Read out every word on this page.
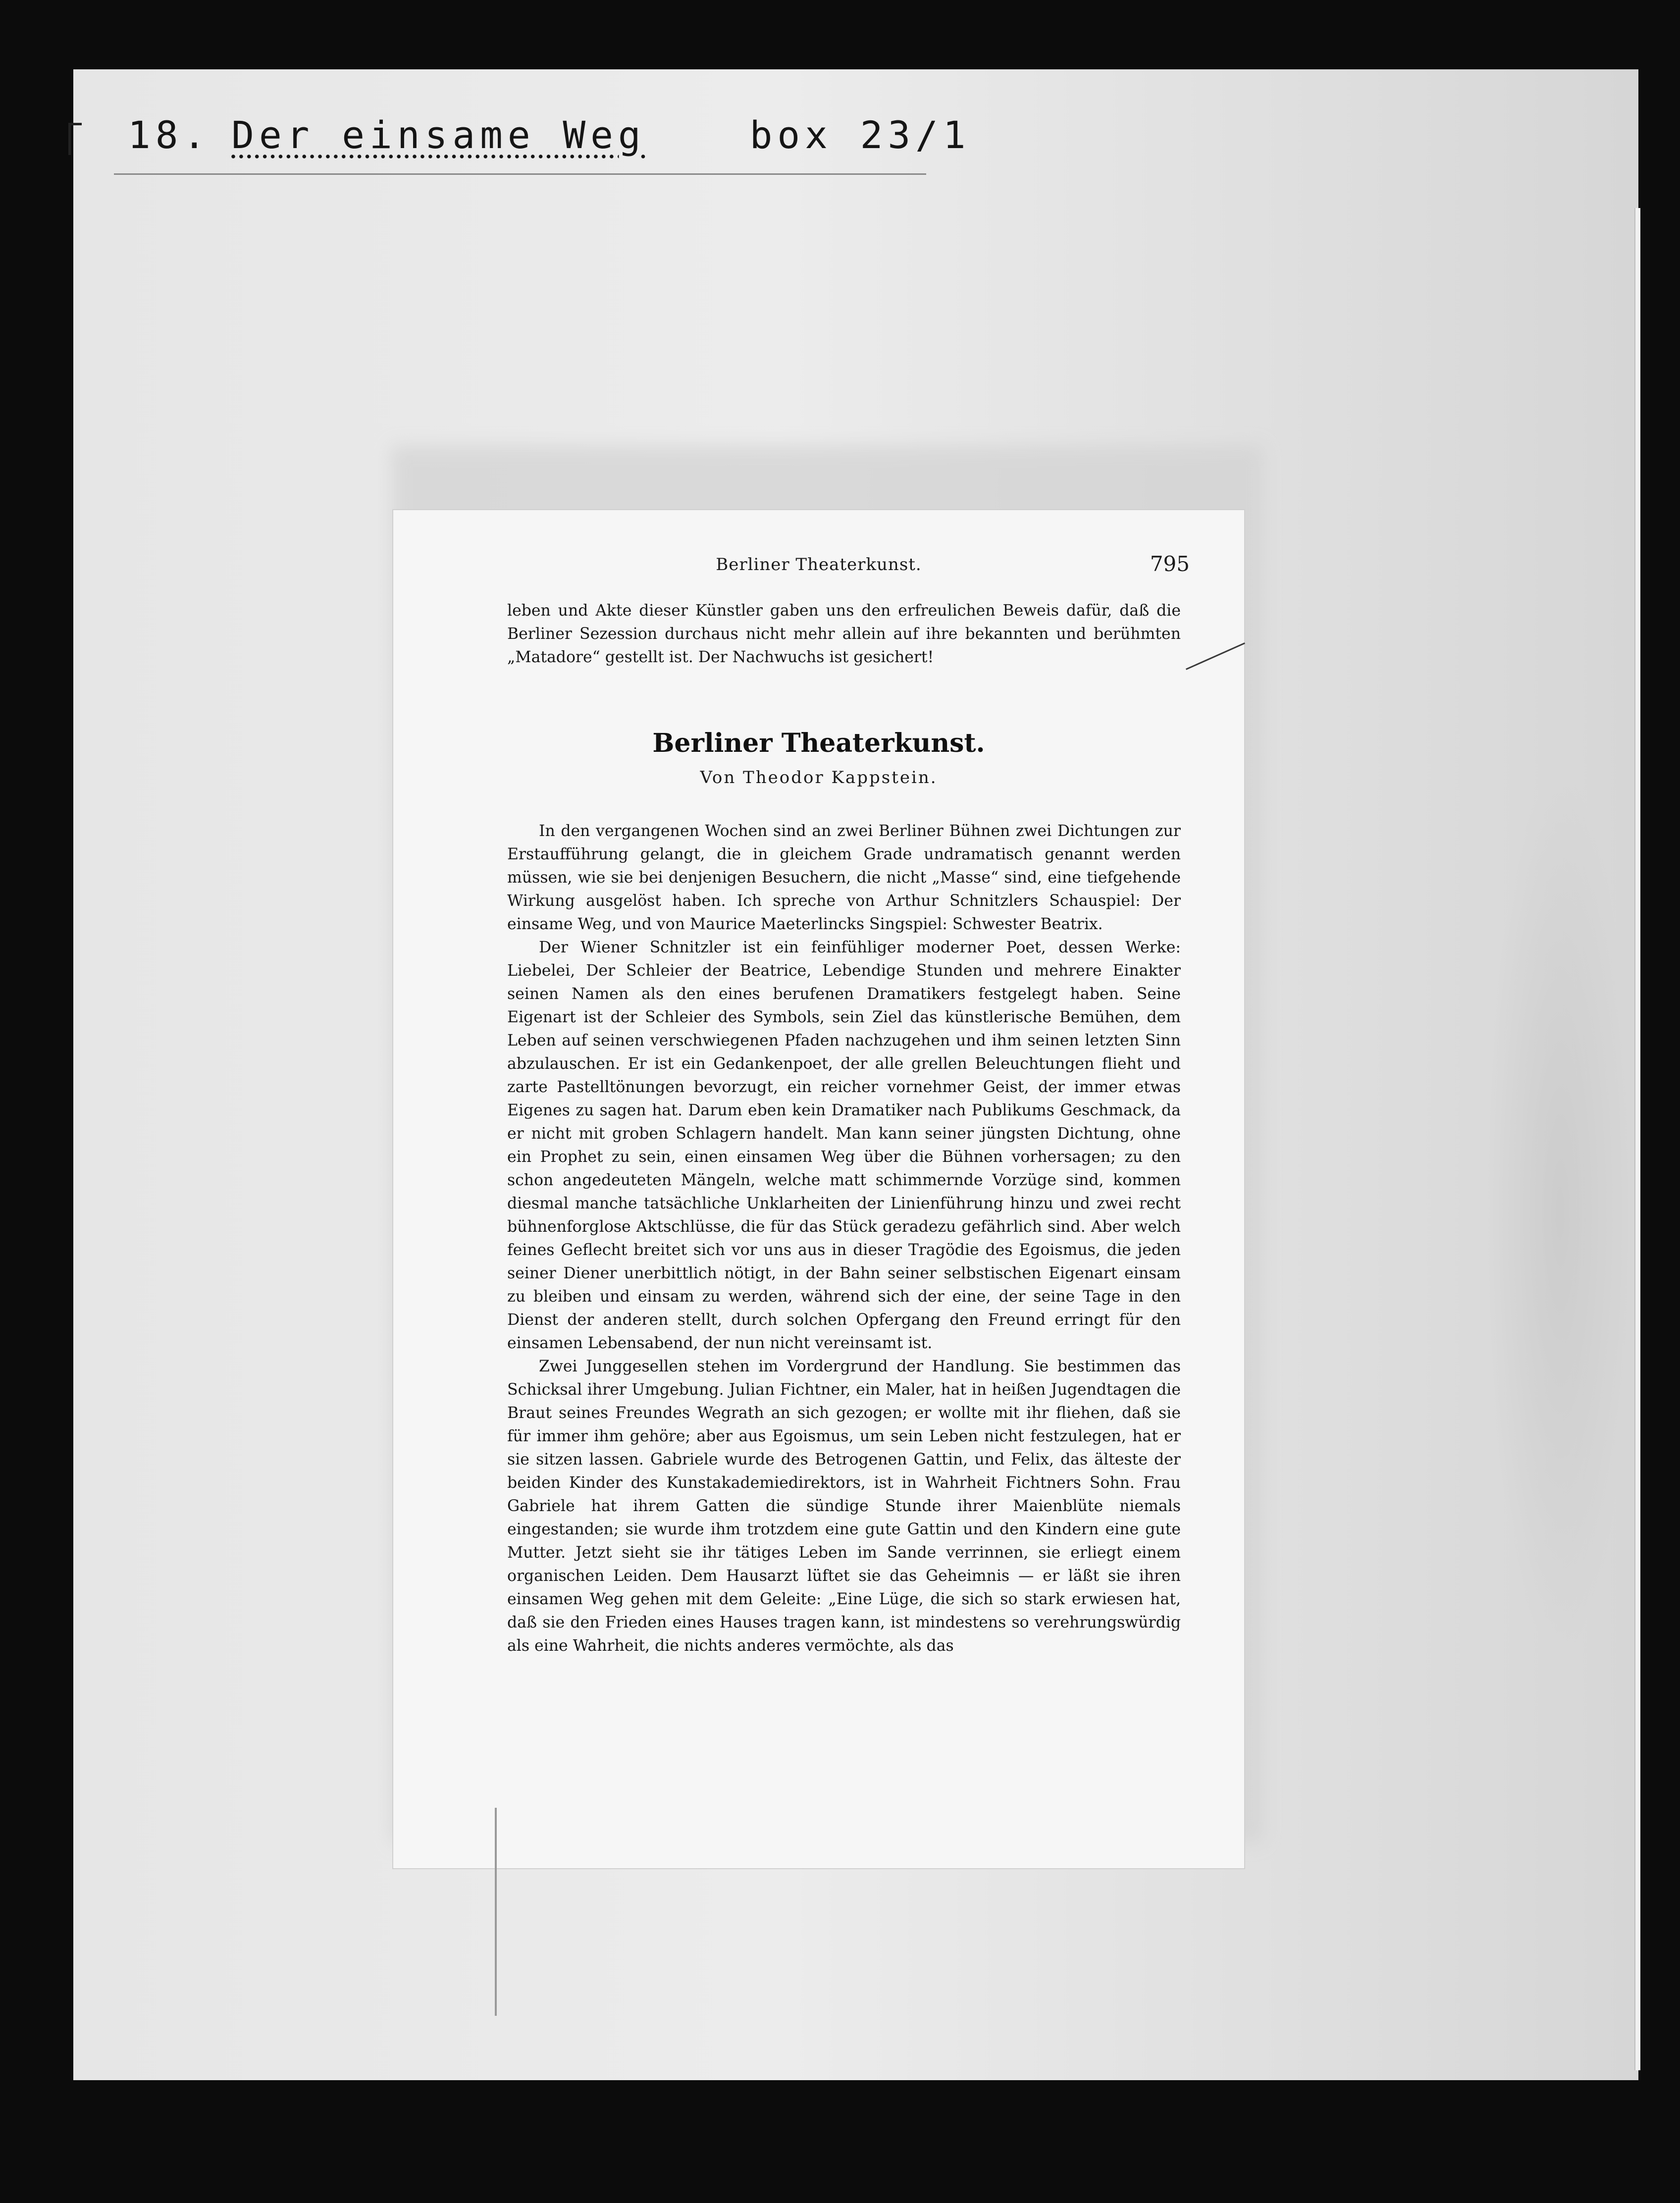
18. Der einsame Weg	box 23/1
Berliner Theaterkunst.	795

leben und Akte dieser Künstler gaben uns den erfreulichen Beweis dafür, daß die Berliner Sezession durchaus nicht mehr allein auf ihre bekannten und berühmten „Matadore“ gestellt ist. Der Nachwuchs ist gesichert!

Berliner Theaterkunst.
Von Theodor Kappstein.

In den vergangenen Wochen sind an zwei Berliner Bühnen zwei Dichtungen zur Erstaufführung gelangt, die in gleichem Grade undramatisch genannt werden müssen, wie sie bei denjenigen Besuchern, die nicht „Masse“ sind, eine tiefgehende Wirkung ausgelöst haben. Ich spreche von Arthur Schnitzlers Schauspiel: Der einsame Weg, und von Maurice Maeterlincks Singspiel: Schwester Beatrix.

Der Wiener Schnitzler ist ein feinfühliger moderner Poet, dessen Werke: Liebelei, Der Schleier der Beatrice, Lebendige Stunden und mehrere Einakter seinen Namen als den eines berufenen Dramatikers festgelegt haben. Seine Eigenart ist der Schleier des Symbols, sein Ziel das künstlerische Bemühen, dem Leben auf seinen verschwiegenen Pfaden nachzugehen und ihm seinen letzten Sinn abzulauschen. Er ist ein Gedankenpoet, der alle grellen Beleuchtungen flieht und zarte Pastelltönungen bevorzugt, ein reicher vornehmer Geist, der immer etwas Eigenes zu sagen hat. Darum eben kein Dramatiker nach Publikums Geschmack, da er nicht mit groben Schlagern handelt. Man kann seiner jüngsten Dichtung, ohne ein Prophet zu sein, einen einsamen Weg über die Bühnen vorhersagen; zu den schon angedeuteten Mängeln, welche matt schimmernde Vorzüge sind, kommen diesmal manche tatsächliche Unklarheiten der Linienführung hinzu und zwei recht bühnenforglose Aktschlüsse, die für das Stück geradezu gefährlich sind. Aber welch feines Geflecht breitet sich vor uns aus in dieser Tragödie des Egoismus, die jeden seiner Diener unerbittlich nötigt, in der Bahn seiner selbstischen Eigenart einsam zu bleiben und einsam zu werden, während sich der eine, der seine Tage in den Dienst der anderen stellt, durch solchen Opfergang den Freund erringt für den einsamen Lebensabend, der nun nicht vereinsamt ist.

Zwei Junggesellen stehen im Vordergrund der Handlung. Sie bestimmen das Schicksal ihrer Umgebung. Julian Fichtner, ein Maler, hat in heißen Jugendtagen die Braut seines Freundes Wegrath an sich gezogen; er wollte mit ihr fliehen, daß sie für immer ihm gehöre; aber aus Egoismus, um sein Leben nicht festzulegen, hat er sie sitzen lassen. Gabriele wurde des Betrogenen Gattin, und Felix, das älteste der beiden Kinder des Kunstakademiedirektors, ist in Wahrheit Fichtners Sohn. Frau Gabriele hat ihrem Gatten die sündige Stunde ihrer Maienblüte niemals eingestanden; sie wurde ihm trotzdem eine gute Gattin und den Kindern eine gute Mutter. Jetzt sieht sie ihr tätiges Leben im Sande verrinnen, sie erliegt einem organischen Leiden. Dem Hausarzt lüftet sie das Geheimnis — er läßt sie ihren einsamen Weg gehen mit dem Geleite: „Eine Lüge, die sich so stark erwiesen hat, daß sie den Frieden eines Hauses tragen kann, ist mindestens so verehrungswürdig als eine Wahrheit, die nichts anderes vermöchte, als das
